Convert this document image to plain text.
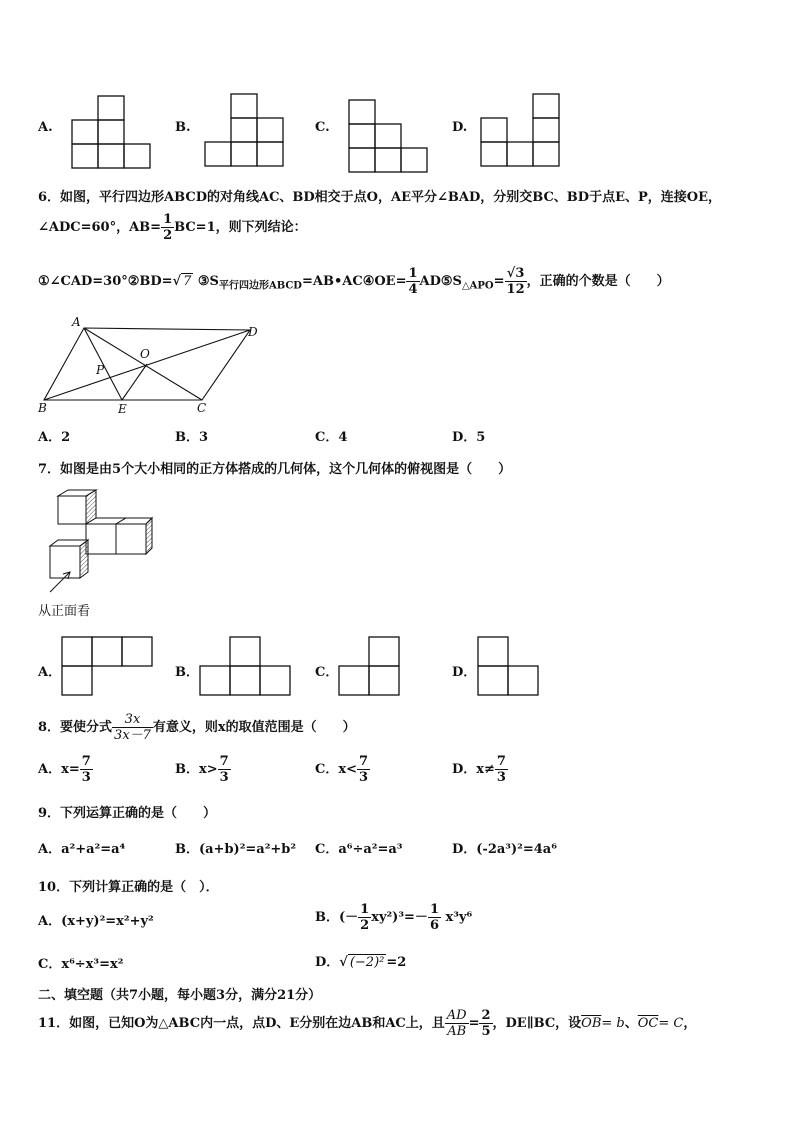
A.	B.	C.	D.
6．如图，平行四边形ABCD的对角线AC、BD相交于点O，AE平分∠BAD，分别交BC、BD于点E、P，连接OE，
∠ADC=60°，$AB= \frac{1}{2} BC=1$，则下列结论：
①∠CAD=30°②BD=√ 7 $③S_{平行四边形ABCD}=AB•AC④OE= \frac{1}{4}$ $AD⑤S_{\triangle APO}= \frac{√3}{12}$ ，正确的个数是（　　）
A
D
O
P
B	E	C
A．2	B．3	C．4	D．5
7．如图是由5个大小相同的正方体搭成的几何体，这个几何体的俯视图是（　　）
从正面看
A．	B．	C．	D．
8．要使分式 $\frac{3x}{3x-7}$ 有意义，则x的取值范围是（　　）
A．$x= \frac{7}{3}$	B．$x> \frac{7}{3}$	C．$x< \frac{7}{3}$	D．$x\ne \frac{7}{3}$
9．下列运算正确的是（　　）
A．a²+a²=a⁴	B．(a+b)²=a²+b² C．a⁶÷a²=a³	D．(-2a³)²=4a⁶
10．下列计算正确的是（　）．
A．(x+y)²=x²+y²	B．(－ $\frac{1}{2} xy^2)^3=- \frac{1}{6} x^3y^6$
C．x⁶÷x³=x²	D．√ (−2)² =2
二、填空题（共7小题，每小题3分，满分21分）
11．如图，已知O为△ABC内一点，点D、E分别在边AB和AC上，且 $\frac{AD}{AB} = \frac{2}{5}$ ，DE∥BC，设$\overline{OB}= b$、$\overline{OC}= C$，
